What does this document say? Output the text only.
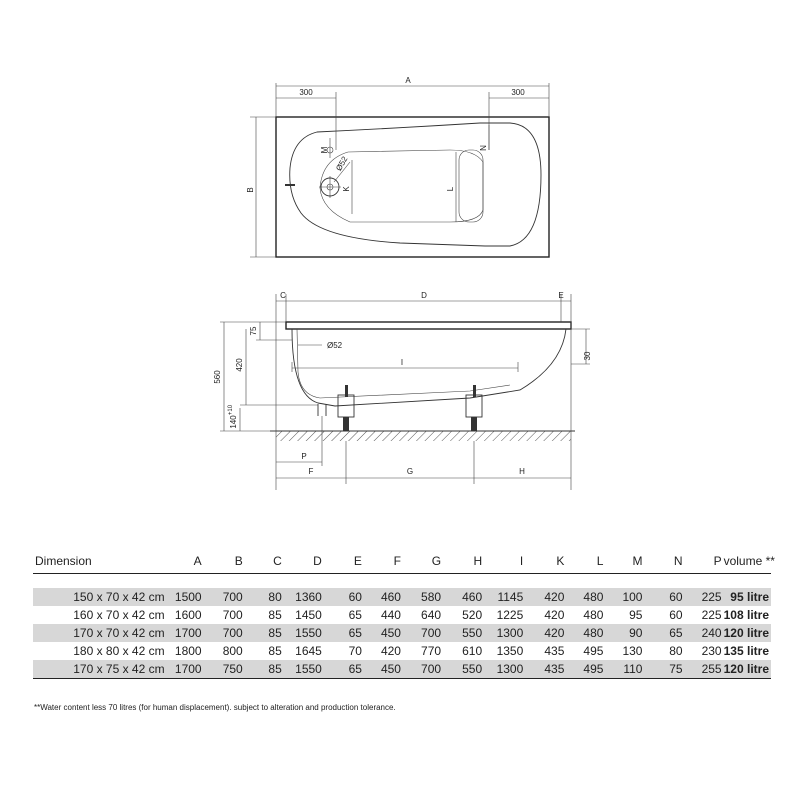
A
300	300
B	K	L
M	N
Ø52
C	D	E
I
Ø52
560
420
75
140
+10
30
F	G	H
P
Dimension	A	B	C	D	E	F	G	H	I	K	L	M	N	P	volume **

150 x 70 x 42 cm	1500	700	80	1360	60	460	580	460	1145	420	480	100	60	225	95 litre
160 x 70 x 42 cm	1600	700	85	1450	65	440	640	520	1225	420	480	95	60	225	108 litre
170 x 70 x 42 cm	1700	700	85	1550	65	450	700	550	1300	420	480	90	65	240	120 litre
180 x 80 x 42 cm	1800	800	85	1645	70	420	770	610	1350	435	495	130	80	230	135 litre
170 x 75 x 42 cm	1700	750	85	1550	65	450	700	550	1300	435	495	110	75	255	120 litre
**Water content less 70 litres (for human displacement). subject to alteration and production tolerance.
